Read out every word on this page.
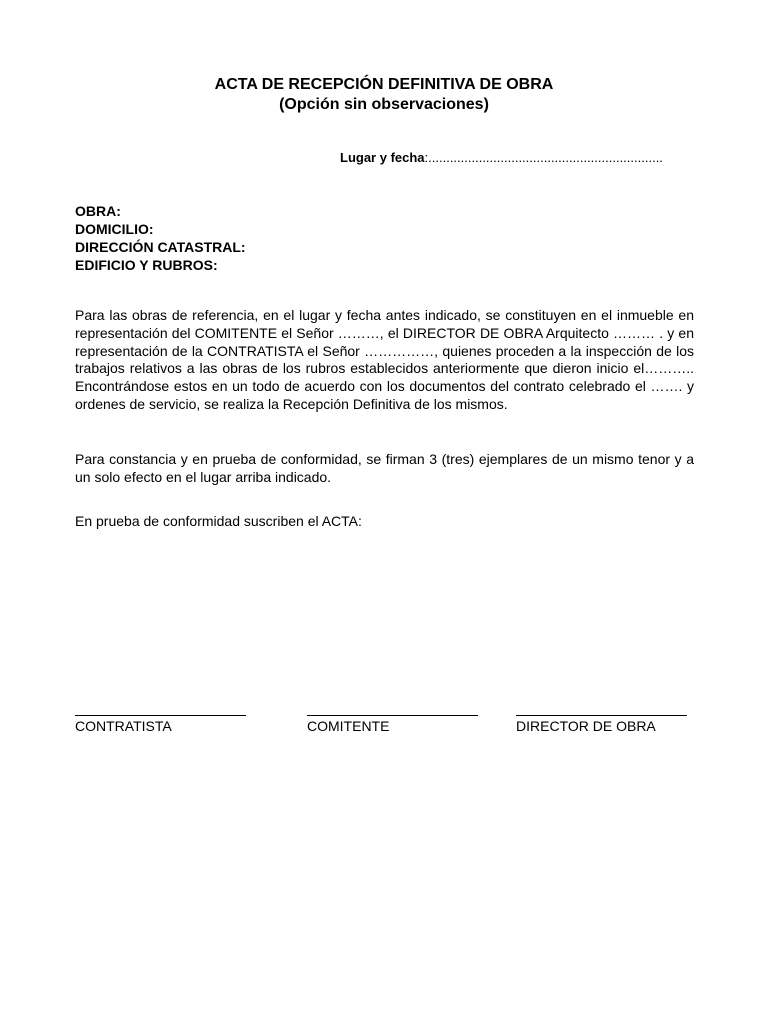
ACTA DE RECEPCIÓN DEFINITIVA DE OBRA
(Opción sin observaciones)
Lugar y fecha:.................................................................
OBRA:
DOMICILIO:
DIRECCIÓN CATASTRAL:
EDIFICIO Y RUBROS:
Para las obras de referencia, en el lugar y fecha antes indicado, se constituyen en el inmueble en representación del COMITENTE el Señor ………, el DIRECTOR DE OBRA Arquitecto ……… . y en representación de la CONTRATISTA el Señor ……………, quienes proceden a la inspección de los trabajos relativos a las obras de los rubros establecidos anteriormente que dieron inicio el……….. Encontrándose estos en un todo de acuerdo con los documentos del contrato celebrado el ……. y ordenes de servicio, se realiza la Recepción Definitiva de los mismos.
Para constancia y en prueba de conformidad, se firman 3 (tres) ejemplares de un mismo tenor y a un solo efecto en el lugar arriba indicado.
En prueba de conformidad suscriben el ACTA:
CONTRATISTA	COMITENTE	DIRECTOR DE OBRA
